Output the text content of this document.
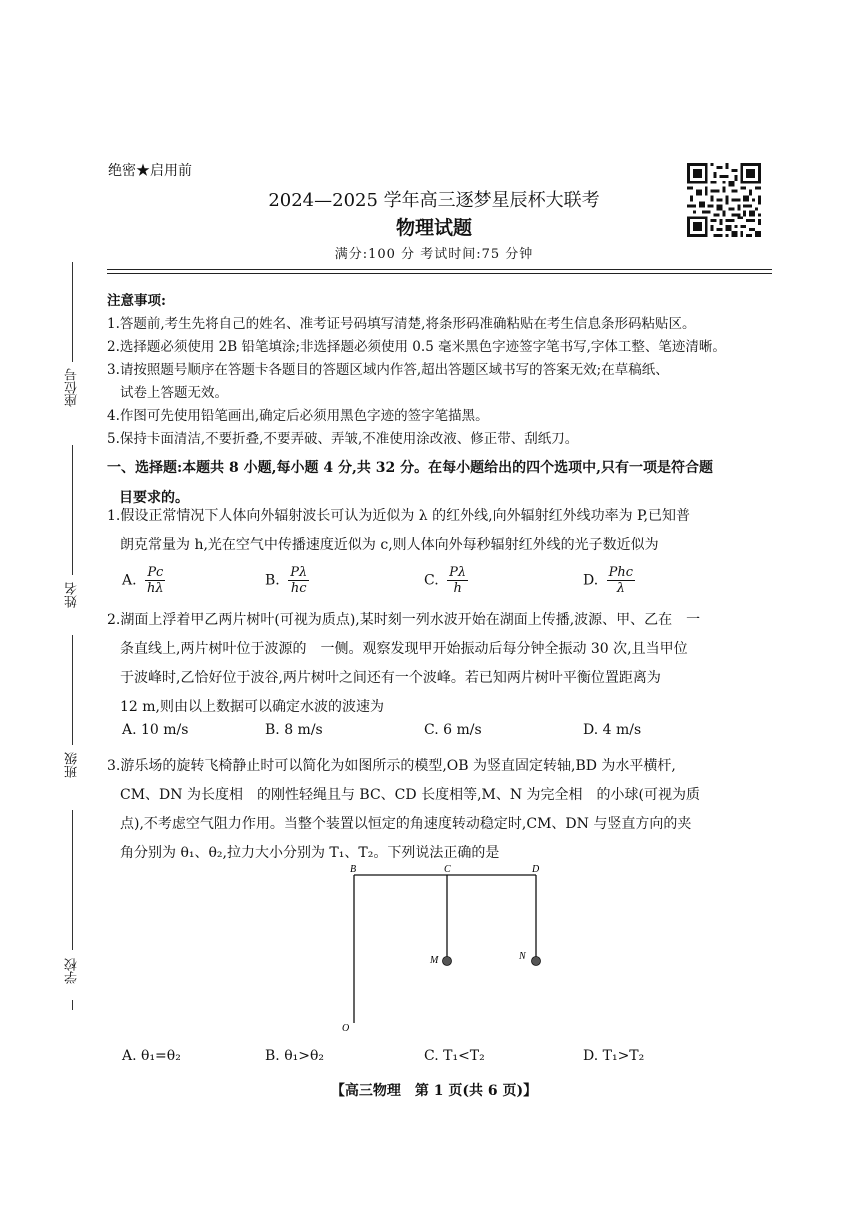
绝密★启用前
2024—2025 学年高三逐梦星辰杯大联考
物理试题
满分:100 分 考试时间:75 分钟
座位号
姓名
班级
学校
注意事项:
1.答题前,考生先将自己的姓名、准考证号码填写清楚,将条形码准确粘贴在考生信息条形码粘贴区。
2.选择题必须使用 2B 铅笔填涂;非选择题必须使用 0.5 毫米黑色字迹签字笔书写,字体工整、笔迹清晰。
3.请按照题号顺序在答题卡各题目的答题区域内作答,超出答题区域书写的答案无效;在草稿纸、
试卷上答题无效。
4.作图可先使用铅笔画出,确定后必须用黑色字迹的签字笔描黑。
5.保持卡面清洁,不要折叠,不要弄破、弄皱,不准使用涂改液、修正带、刮纸刀。
一、选择题:本题共 8 小题,每小题 4 分,共 32 分。在每小题给出的四个选项中,只有一项是符合题
目要求的。
1.假设正常情况下人体向外辐射波长可认为近似为 λ 的红外线,向外辐射红外线功率为 P,已知普
朗克常量为 h,光在空气中传播速度近似为 c,则人体向外每秒辐射红外线的光子数近似为
A. $\frac{Pc}{h\lambda}$	B. $\frac{P\lambda}{hc}$	C. $\frac{P\lambda}{h}$	D. $\frac{\text{Phc}}{\lambda}$
2.湖面上浮着甲乙两片树叶(可视为质点),某时刻一列水波开始在湖面上传播,波源、甲、乙在　一
条直线上,两片树叶位于波源的　一侧。观察发现甲开始振动后每分钟全振动 30 次,且当甲位
于波峰时,乙恰好位于波谷,两片树叶之间还有一个波峰。若已知两片树叶平衡位置距离为
12 m,则由以上数据可以确定水波的波速为
A. 10 m/s	B. 8 m/s	C. 6 m/s	D. 4 m/s
3.游乐场的旋转飞椅静止时可以简化为如图所示的模型,OB 为竖直固定转轴,BD 为水平横杆,
CM、DN 为长度相　的刚性轻绳且与 BC、CD 长度相等,M、N 为完全相　的小球(可视为质
点),不考虑空气阻力作用。当整个装置以恒定的角速度转动稳定时,CM、DN 与竖直方向的夹
角分别为 θ₁、θ₂,拉力大小分别为 T₁、T₂。下列说法正确的是
B	C	D
M	N
O
A. θ₁=θ₂	B. θ₁>θ₂	C. T₁<T₂	D. T₁>T₂
【高三物理　第 1 页(共 6 页)】
